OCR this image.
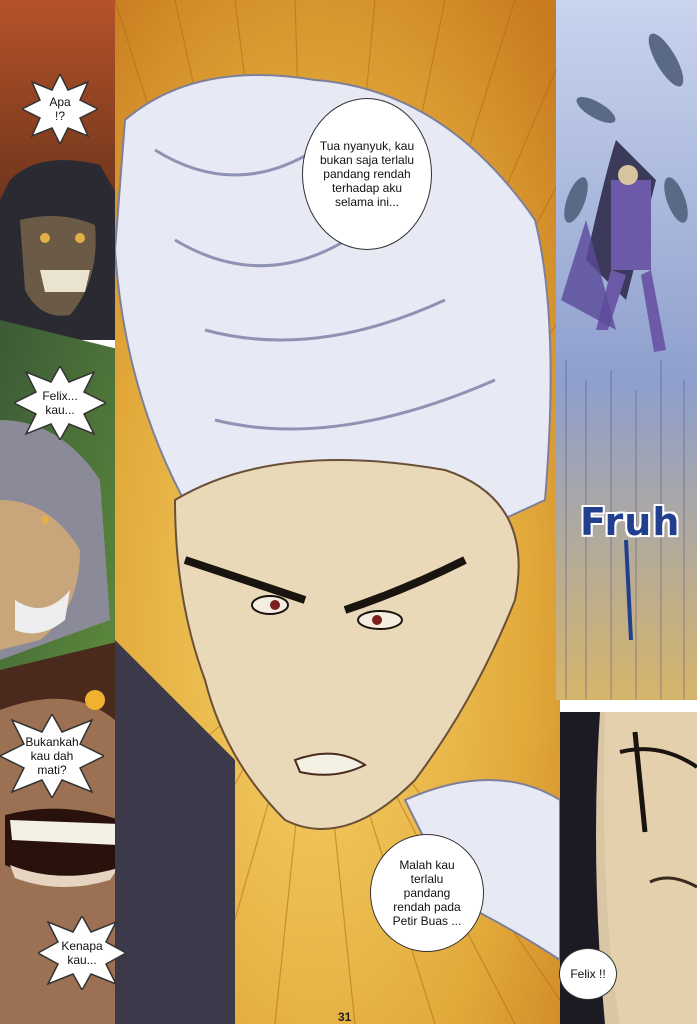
Apa !?
Felix... kau...
Bukankah kau dah mati?
Kenapa kau...
Tua nyanyuk, kau bukan saja terlalu pandang rendah terhadap aku selama ini...
Malah kau terlalu pandang rendah pada Petir Buas ...
Felix !!
Fruh
31
